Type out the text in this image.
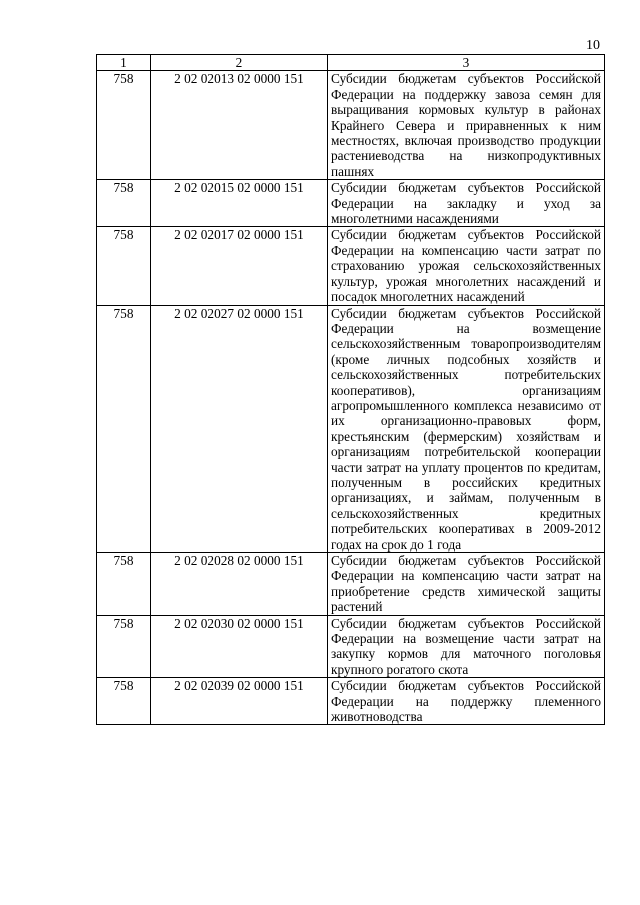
10
1	2	3
758	2 02 02013 02 0000 151	Субсидии бюджетам субъектов Российской Федерации на поддержку завоза семян для выращивания кормовых культур в районах Крайнего Севера и приравненных к ним местностях, включая производство продукции растениеводства на низкопродуктивных пашнях
758	2 02 02015 02 0000 151	Субсидии бюджетам субъектов Российской Федерации на закладку и уход за многолетними насаждениями
758	2 02 02017 02 0000 151	Субсидии бюджетам субъектов Российской Федерации на компенсацию части затрат по страхованию урожая сельскохозяйственных культур, урожая многолетних насаждений и посадок многолетних насаждений
758	2 02 02027 02 0000 151	Субсидии бюджетам субъектов Российской Федерации на возмещение сельскохозяйственным товаропроизводителям (кроме личных подсобных хозяйств и сельскохозяйственных потребительских кооперативов), организациям агропромышленного комплекса независимо от их организационно-правовых форм, крестьянским (фермерским) хозяйствам и организациям потребительской кооперации части затрат на уплату процентов по кредитам, полученным в российских кредитных организациях, и займам, полученным в сельскохозяйственных кредитных потребительских кооперативах в 2009-2012 годах на срок до 1 года
758	2 02 02028 02 0000 151	Субсидии бюджетам субъектов Российской Федерации на компенсацию части затрат на приобретение средств химической защиты растений
758	2 02 02030 02 0000 151	Субсидии бюджетам субъектов Российской Федерации на возмещение части затрат на закупку кормов для маточного поголовья крупного рогатого скота
758	2 02 02039 02 0000 151	Субсидии бюджетам субъектов Российской Федерации на поддержку племенного животноводства
